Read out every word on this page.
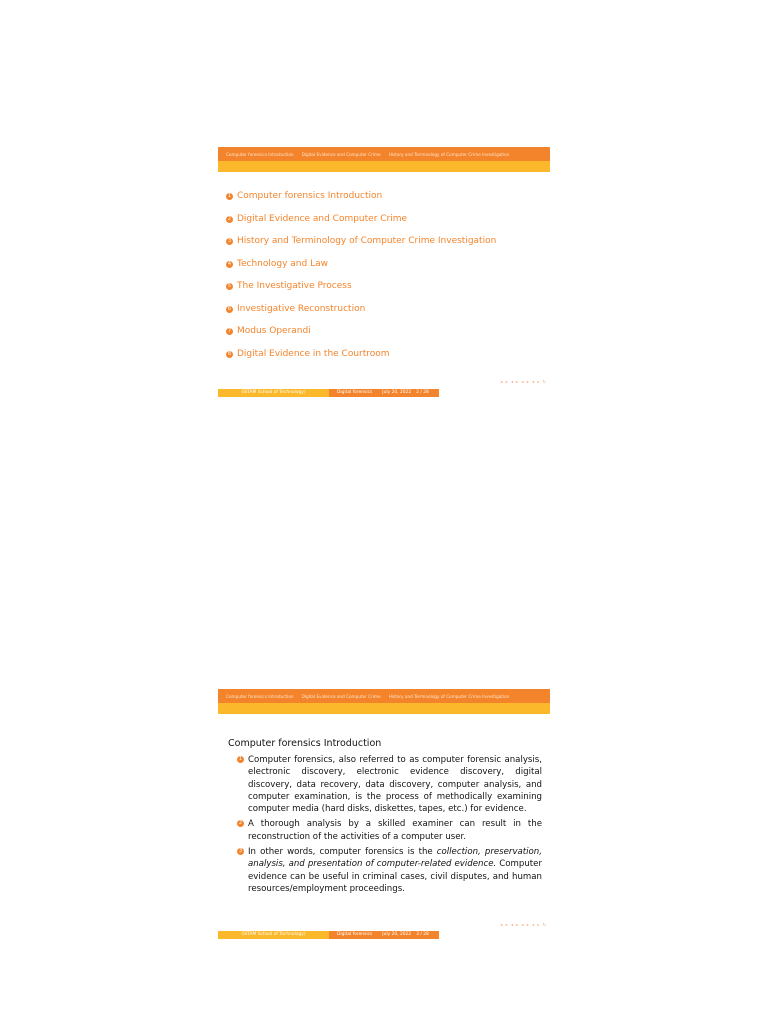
Computer forensics Introduction Digital Evidence and Computer Crime History and Terminology of Computer Crime Investigation
1 Computer forensics Introduction
2 Digital Evidence and Computer Crime
3 History and Terminology of Computer Crime Investigation
4 Technology and Law
5 The Investigative Process
6 Investigative Reconstruction
7 Modus Operandi
8 Digital Evidence in the Courtroom
◂ ▸ ◂ ▸ ◂ ▸ ◂ ▸ ↻
(SITAM School of Technology)	Digital forensics July 20, 2022 2 / 28
Computer forensics Introduction Digital Evidence and Computer Crime History and Terminology of Computer Crime Investigation
Computer forensics Introduction
1 Computer forensics, also referred to as computer forensic analysis, electronic discovery, electronic evidence discovery, digital discovery, data recovery, data discovery, computer analysis, and computer examination, is the process of methodically examining computer media (hard disks, diskettes, tapes, etc.) for evidence.
2 A thorough analysis by a skilled examiner can result in the reconstruction of the activities of a computer user.
3 In other words, computer forensics is the collection, preservation, analysis, and presentation of computer-related evidence. Computer evidence can be useful in criminal cases, civil disputes, and human resources/employment proceedings.
◂ ▸ ◂ ▸ ◂ ▸ ◂ ▸ ↻
(SITAM School of Technology)	Digital forensics July 20, 2022 3 / 28
